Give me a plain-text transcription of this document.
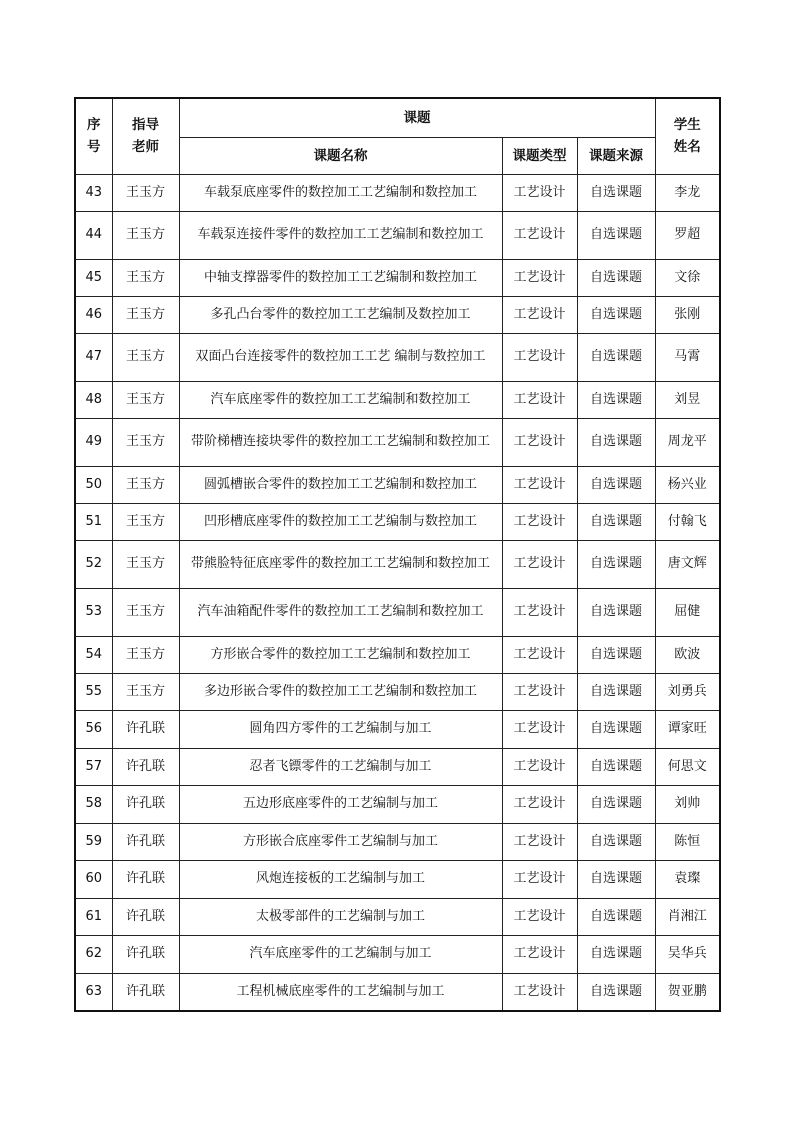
序号	指导老师	课题			学生姓名
		课题名称	课题类型	课题来源	
43	王玉方	车载泵底座零件的数控加工工艺编制和数控加工	工艺设计	自选课题	李龙
44	王玉方	车载泵连接件零件的数控加工工艺编制和数控加工	工艺设计	自选课题	罗超
45	王玉方	中轴支撑器零件的数控加工工艺编制和数控加工	工艺设计	自选课题	文徐
46	王玉方	多孔凸台零件的数控加工工艺编制及数控加工	工艺设计	自选课题	张刚
47	王玉方	双面凸台连接零件的数控加工工艺 编制与数控加工	工艺设计	自选课题	马霄
48	王玉方	汽车底座零件的数控加工工艺编制和数控加工	工艺设计	自选课题	刘昱
49	王玉方	带阶梯槽连接块零件的数控加工工艺编制和数控加工	工艺设计	自选课题	周龙平
50	王玉方	圆弧槽嵌合零件的数控加工工艺编制和数控加工	工艺设计	自选课题	杨兴业
51	王玉方	凹形槽底座零件的数控加工工艺编制与数控加工	工艺设计	自选课题	付翰飞
52	王玉方	带熊脸特征底座零件的数控加工工艺编制和数控加工	工艺设计	自选课题	唐文辉
53	王玉方	汽车油箱配件零件的数控加工工艺编制和数控加工	工艺设计	自选课题	屈健
54	王玉方	方形嵌合零件的数控加工工艺编制和数控加工	工艺设计	自选课题	欧波
55	王玉方	多边形嵌合零件的数控加工工艺编制和数控加工	工艺设计	自选课题	刘勇兵
56	许孔联	圆角四方零件的工艺编制与加工	工艺设计	自选课题	谭家旺
57	许孔联	忍者飞镖零件的工艺编制与加工	工艺设计	自选课题	何思文
58	许孔联	五边形底座零件的工艺编制与加工	工艺设计	自选课题	刘帅
59	许孔联	方形嵌合底座零件工艺编制与加工	工艺设计	自选课题	陈恒
60	许孔联	风炮连接板的工艺编制与加工	工艺设计	自选课题	袁璨
61	许孔联	太极零部件的工艺编制与加工	工艺设计	自选课题	肖湘江
62	许孔联	汽车底座零件的工艺编制与加工	工艺设计	自选课题	吴华兵
63	许孔联	工程机械底座零件的工艺编制与加工	工艺设计	自选课题	贺亚鹏
